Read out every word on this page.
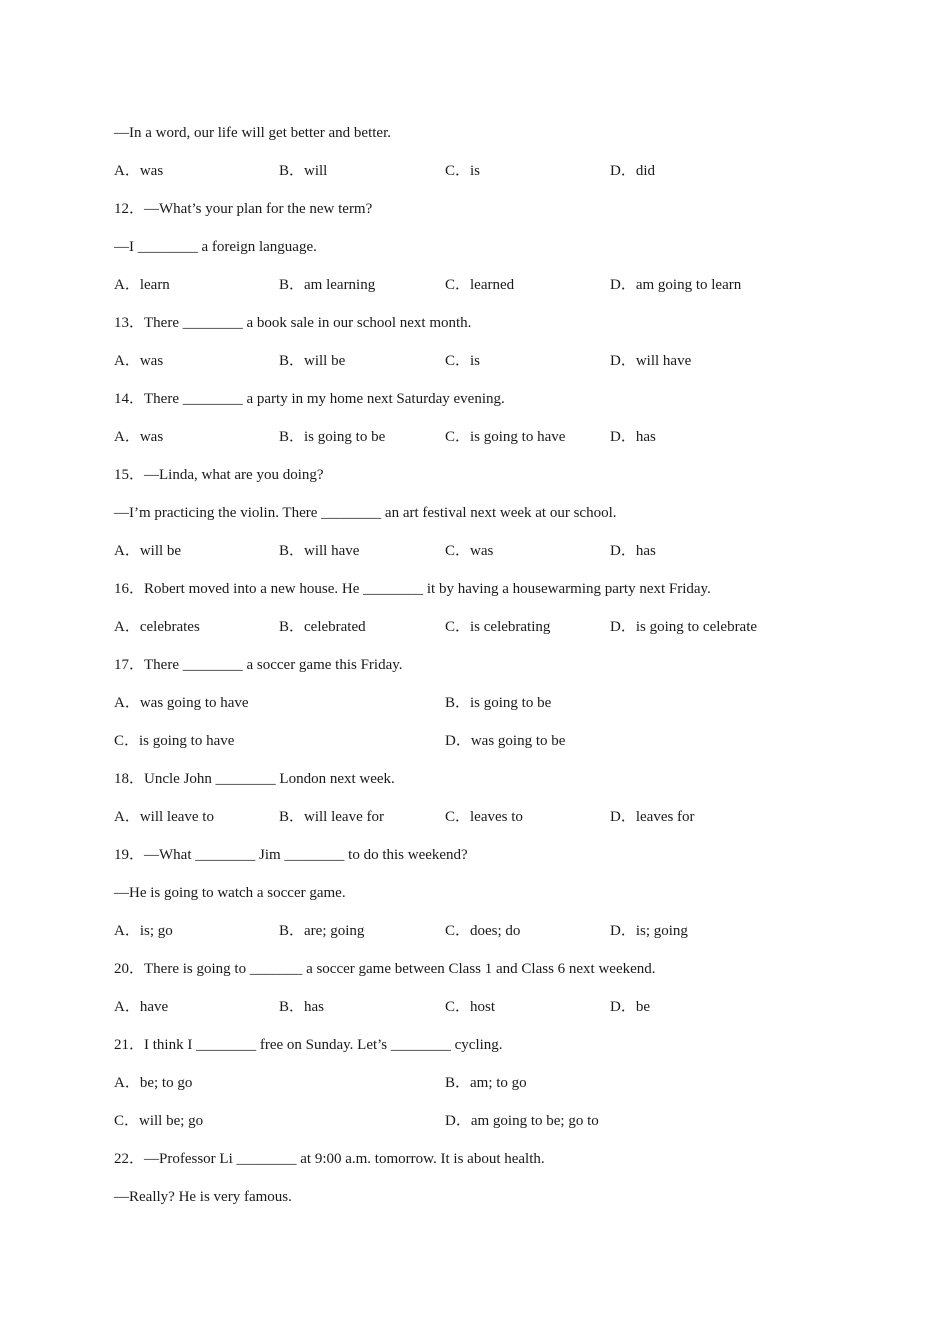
—In a word, our life will get better and better.
A．was	B．will	C．is	D．did
12．—What’s your plan for the new term?
—I ________ a foreign language.
A．learn	B．am learning	C．learned	D．am going to learn
13．There ________ a book sale in our school next month.
A．was	B．will be	C．is	D．will have
14．There ________ a party in my home next Saturday evening.
A．was	B．is going to be	C．is going to have	D．has
15．—Linda, what are you doing?
—I’m practicing the violin. There ________ an art festival next week at our school.
A．will be	B．will have	C．was	D．has
16．Robert moved into a new house. He ________ it by having a housewarming party next Friday.
A．celebrates	B．celebrated	C．is celebrating	D．is going to celebrate
17．There ________ a soccer game this Friday.
A．was going to have	B．is going to be
C．is going to have	D．was going to be
18．Uncle John ________ London next week.
A．will leave to	B．will leave for	C．leaves to	D．leaves for
19．—What ________ Jim ________ to do this weekend?
—He is going to watch a soccer game.
A．is; go	B．are; going	C．does; do	D．is; going
20．There is going to _______ a soccer game between Class 1 and Class 6 next weekend.
A．have	B．has	C．host	D．be
21．I think I ________ free on Sunday. Let’s ________ cycling.
A．be; to go	B．am; to go
C．will be; go	D．am going to be; go to
22．—Professor Li ________ at 9:00 a.m. tomorrow. It is about health.
—Really? He is very famous.
